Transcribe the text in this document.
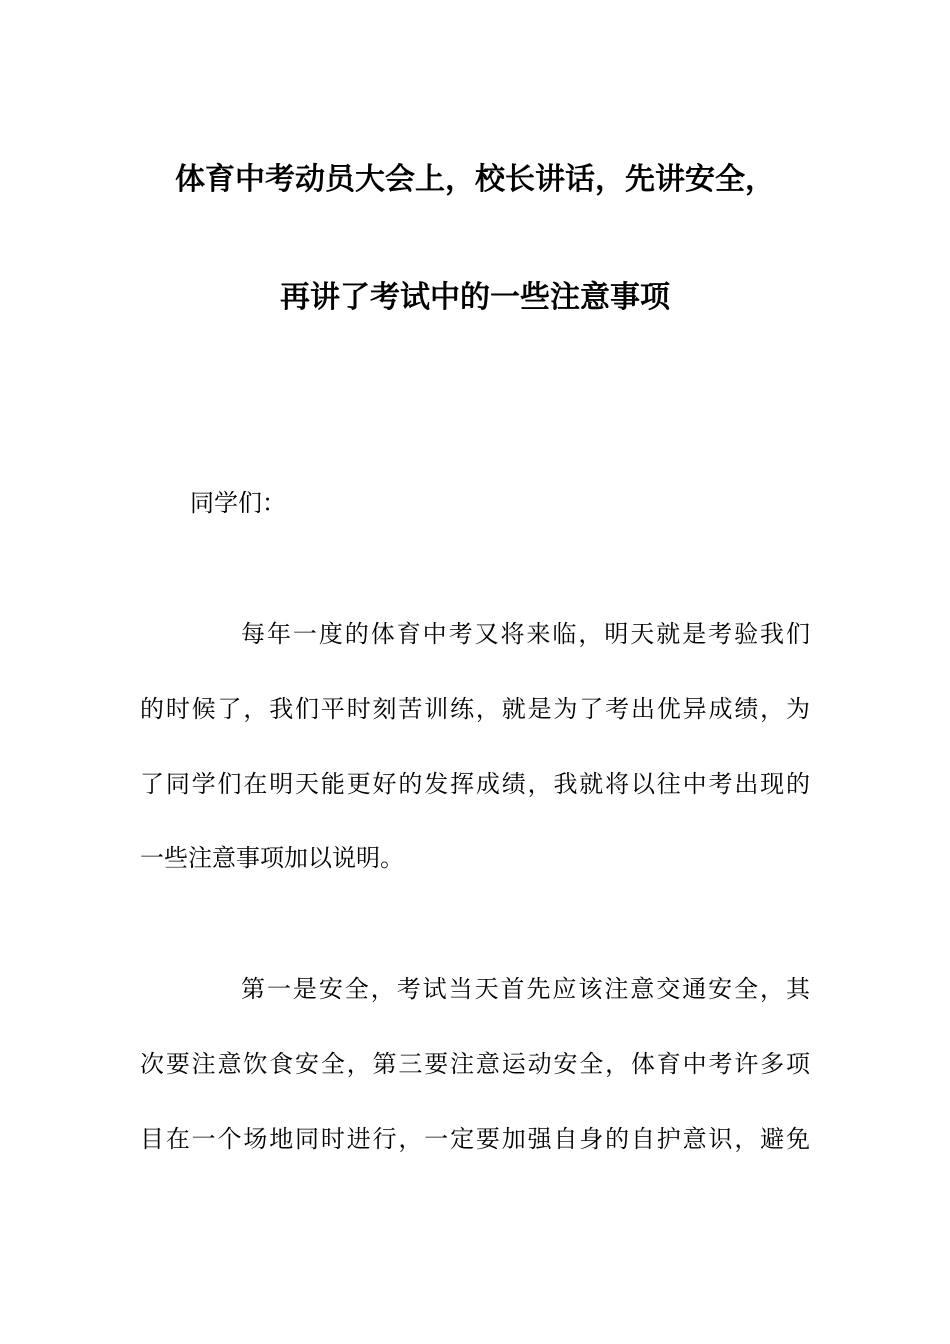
体育中考动员大会上，校长讲话，先讲安全，
再讲了考试中的一些注意事项
同学们：
每年一度的体育中考又将来临，明天就是考验我们
的时候了，我们平时刻苦训练，就是为了考出优异成绩，为
了同学们在明天能更好的发挥成绩，我就将以往中考出现的
一些注意事项加以说明。
第一是安全，考试当天首先应该注意交通安全，其
次要注意饮食安全，第三要注意运动安全，体育中考许多项
目在一个场地同时进行，一定要加强自身的自护意识，避免
